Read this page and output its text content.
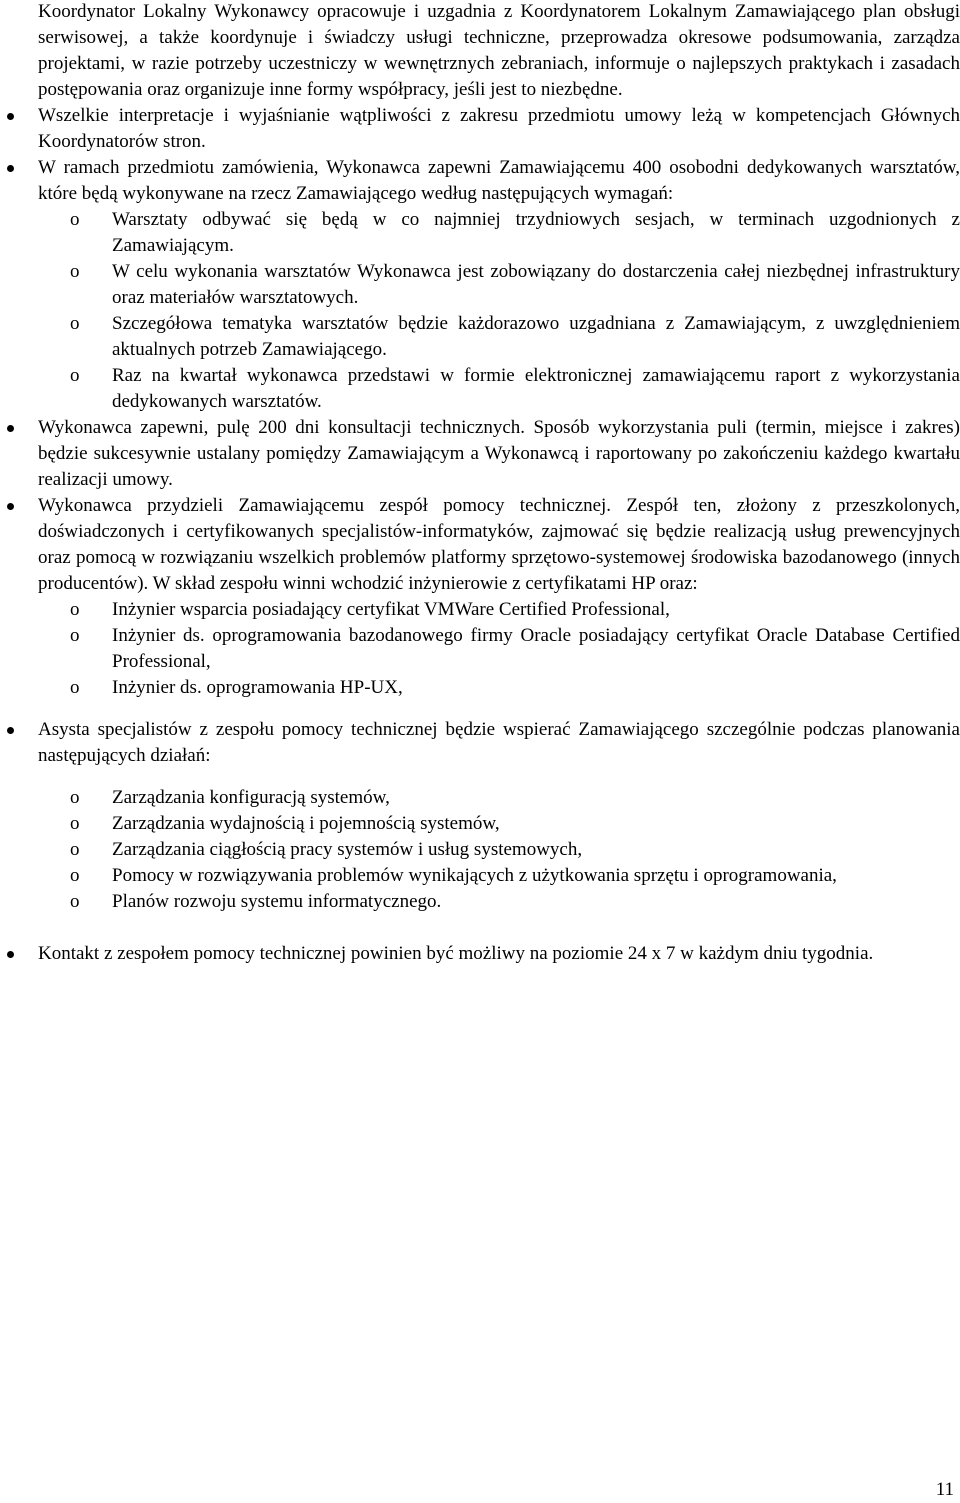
Koordynator Lokalny Wykonawcy opracowuje i uzgadnia z Koordynatorem Lokalnym Zamawiającego plan obsługi serwisowej, a także koordynuje i świadczy usługi techniczne, przeprowadza okresowe podsumowania, zarządza projektami, w razie potrzeby uczestniczy w wewnętrznych zebraniach, informuje o najlepszych praktykach i zasadach postępowania oraz organizuje inne formy współpracy, jeśli jest to niezbędne.

Wszelkie interpretacje i wyjaśnianie wątpliwości z zakresu przedmiotu umowy leżą w kompetencjach Głównych Koordynatorów stron.

W ramach przedmiotu zamówienia, Wykonawca zapewni Zamawiającemu 400 osobodni dedykowanych warsztatów, które będą wykonywane na rzecz Zamawiającego według następujących wymagań:

o Warsztaty odbywać się będą w co najmniej trzydniowych sesjach, w terminach uzgodnionych z Zamawiającym.

o W celu wykonania warsztatów Wykonawca jest zobowiązany do dostarczenia całej niezbędnej infrastruktury oraz materiałów warsztatowych.

o Szczegółowa tematyka warsztatów będzie każdorazowo uzgadniana z Zamawiającym, z uwzględnieniem aktualnych potrzeb Zamawiającego.

o Raz na kwartał wykonawca przedstawi w formie elektronicznej zamawiającemu raport z wykorzystania dedykowanych warsztatów.

Wykonawca zapewni, pulę 200 dni konsultacji technicznych. Sposób wykorzystania puli (termin, miejsce i zakres) będzie sukcesywnie ustalany pomiędzy Zamawiającym a Wykonawcą i raportowany po zakończeniu każdego kwartału realizacji umowy.

Wykonawca przydzieli Zamawiającemu zespół pomocy technicznej. Zespół ten, złożony z przeszkolonych, doświadczonych i certyfikowanych specjalistów-informatyków, zajmować się będzie realizacją usług prewencyjnych oraz pomocą w rozwiązaniu wszelkich problemów platformy sprzętowo-systemowej środowiska bazodanowego (innych producentów). W skład zespołu winni wchodzić inżynierowie z certyfikatami HP oraz:

o Inżynier wsparcia posiadający certyfikat VMWare Certified Professional,

o Inżynier ds. oprogramowania bazodanowego firmy Oracle posiadający certyfikat Oracle Database Certified Professional,

o Inżynier ds. oprogramowania HP-UX,

Asysta specjalistów z zespołu pomocy technicznej będzie wspierać Zamawiającego szczególnie podczas planowania następujących działań:

o Zarządzania konfiguracją systemów,

o Zarządzania wydajnością i pojemnością systemów,

o Zarządzania ciągłością pracy systemów i usług systemowych,

o Pomocy w rozwiązywania problemów wynikających z użytkowania sprzętu i oprogramowania,

o Planów rozwoju systemu informatycznego.

Kontakt z zespołem pomocy technicznej powinien być możliwy na poziomie 24 x 7 w każdym dniu tygodnia.

11
